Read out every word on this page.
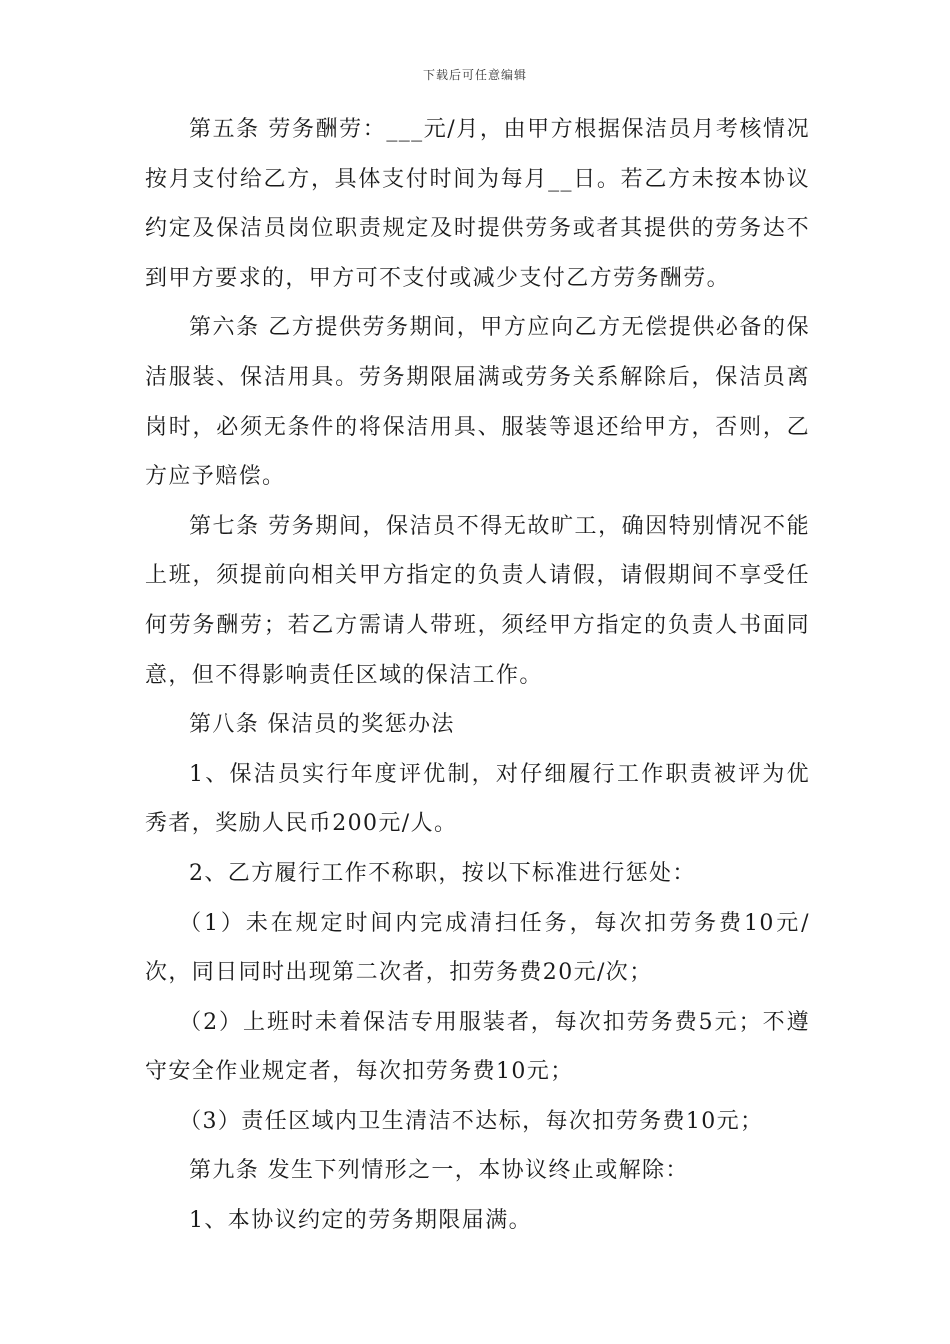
下载后可任意编辑

第五条 劳务酬劳：___元/月，由甲方根据保洁员月考核情况按月支付给乙方，具体支付时间为每月__日。若乙方未按本协议约定及保洁员岗位职责规定及时提供劳务或者其提供的劳务达不到甲方要求的，甲方可不支付或减少支付乙方劳务酬劳。

第六条 乙方提供劳务期间，甲方应向乙方无偿提供必备的保洁服装、保洁用具。劳务期限届满或劳务关系解除后，保洁员离岗时，必须无条件的将保洁用具、服装等退还给甲方，否则，乙方应予赔偿。

第七条 劳务期间，保洁员不得无故旷工，确因特别情况不能上班，须提前向相关甲方指定的负责人请假，请假期间不享受任何劳务酬劳；若乙方需请人带班，须经甲方指定的负责人书面同意，但不得影响责任区域的保洁工作。

第八条 保洁员的奖惩办法

1、保洁员实行年度评优制，对仔细履行工作职责被评为优秀者，奖励人民币200元/人。

2、乙方履行工作不称职，按以下标准进行惩处：

（1）未在规定时间内完成清扫任务，每次扣劳务费10元/次，同日同时出现第二次者，扣劳务费20元/次；

（2）上班时未着保洁专用服装者，每次扣劳务费5元；不遵守安全作业规定者，每次扣劳务费10元；

（3）责任区域内卫生清洁不达标，每次扣劳务费10元；

第九条 发生下列情形之一，本协议终止或解除：

1、本协议约定的劳务期限届满。
